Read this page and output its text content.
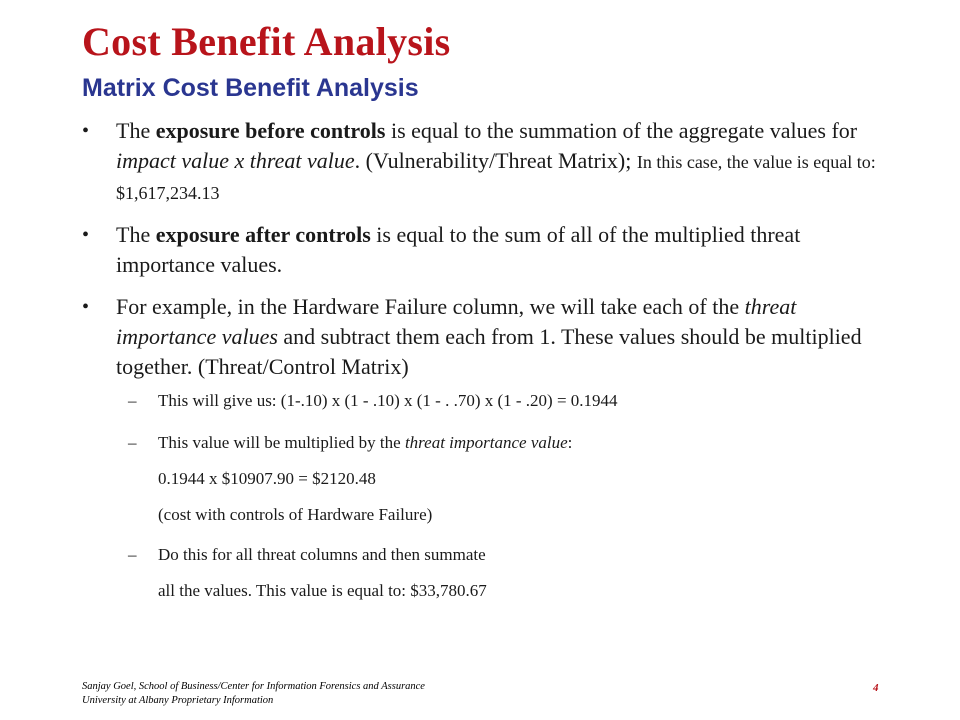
Cost Benefit Analysis
Matrix Cost Benefit Analysis
• The exposure before controls is equal to the summation of the aggregate values for impact value x threat value. (Vulnerability/Threat Matrix); In this case, the value is equal to: $1,617,234.13
• The exposure after controls is equal to the sum of all of the multiplied threat importance values.
• For example, in the Hardware Failure column, we will take each of the threat importance values and subtract them each from 1. These values should be multiplied together. (Threat/Control Matrix)
– This will give us: (1-.10) x (1 - .10) x (1 - . .70) x (1 - .20) = 0.1944
– This value will be multiplied by the threat importance value:
0.1944 x $10907.90 = $2120.48
(cost with controls of Hardware Failure)
– Do this for all threat columns and then summate
all the values. This value is equal to: $33,780.67
Sanjay Goel, School of Business/Center for Information Forensics and Assurance
University at Albany Proprietary Information
4
